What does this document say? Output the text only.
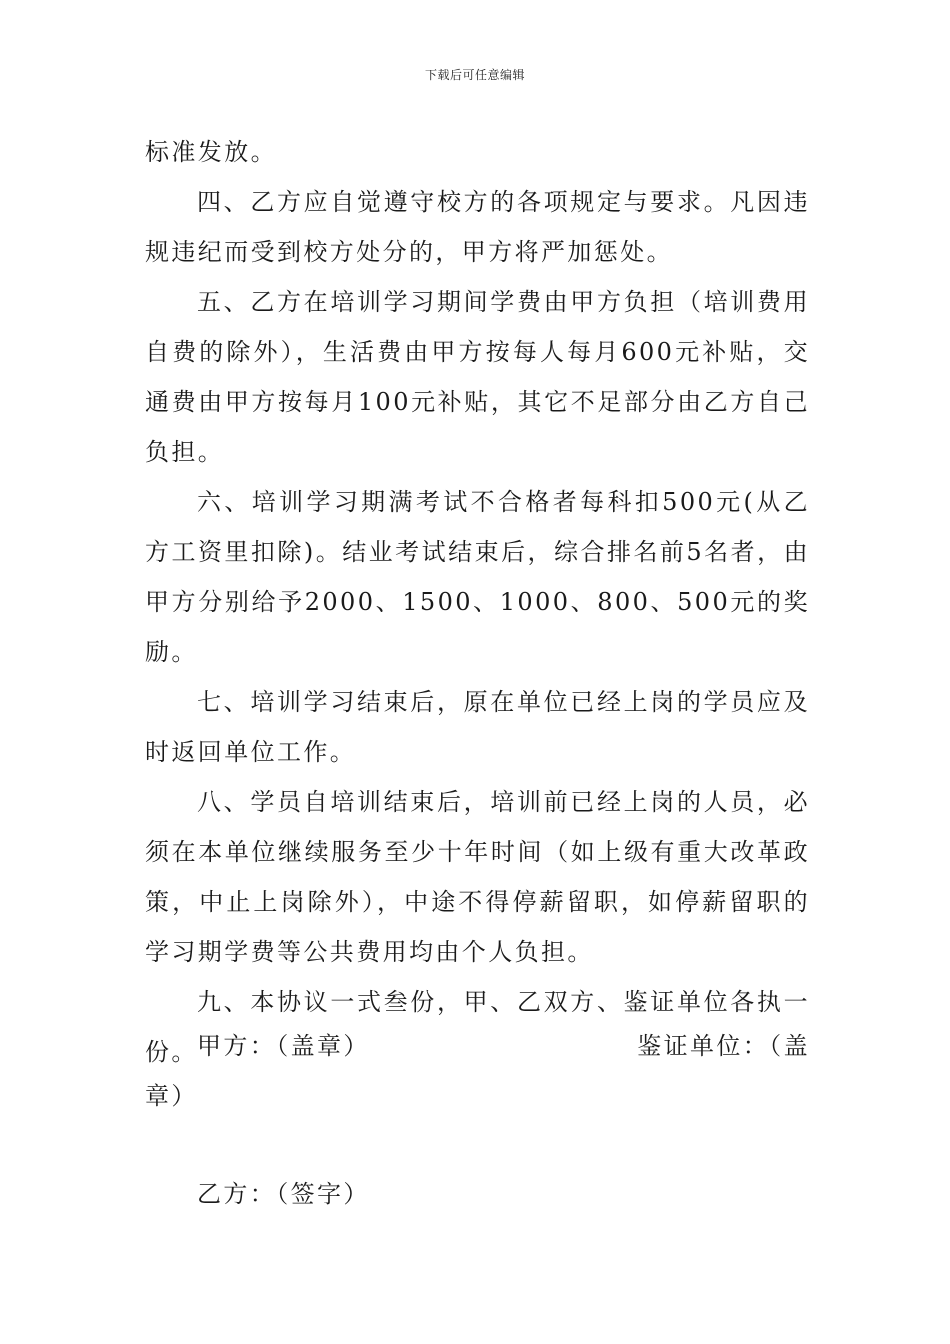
下载后可任意编辑

标准发放。

四、乙方应自觉遵守校方的各项规定与要求。凡因违规违纪而受到校方处分的，甲方将严加惩处。

五、乙方在培训学习期间学费由甲方负担（培训费用自费的除外），生活费由甲方按每人每月600元补贴，交通费由甲方按每月100元补贴，其它不足部分由乙方自己负担。

六、培训学习期满考试不合格者每科扣500元(从乙方工资里扣除)。结业考试结束后，综合排名前5名者，由甲方分别给予2000、1500、1000、800、500元的奖励。

七、培训学习结束后，原在单位已经上岗的学员应及时返回单位工作。

八、学员自培训结束后，培训前已经上岗的人员，必须在本单位继续服务至少十年时间（如上级有重大改革政策，中止上岗除外），中途不得停薪留职，如停薪留职的学习期学费等公共费用均由个人负担。

九、本协议一式叁份，甲、乙双方、鉴证单位各执一份。 甲方：（盖章）	鉴证单位：（盖

章）

乙方：（签字）
